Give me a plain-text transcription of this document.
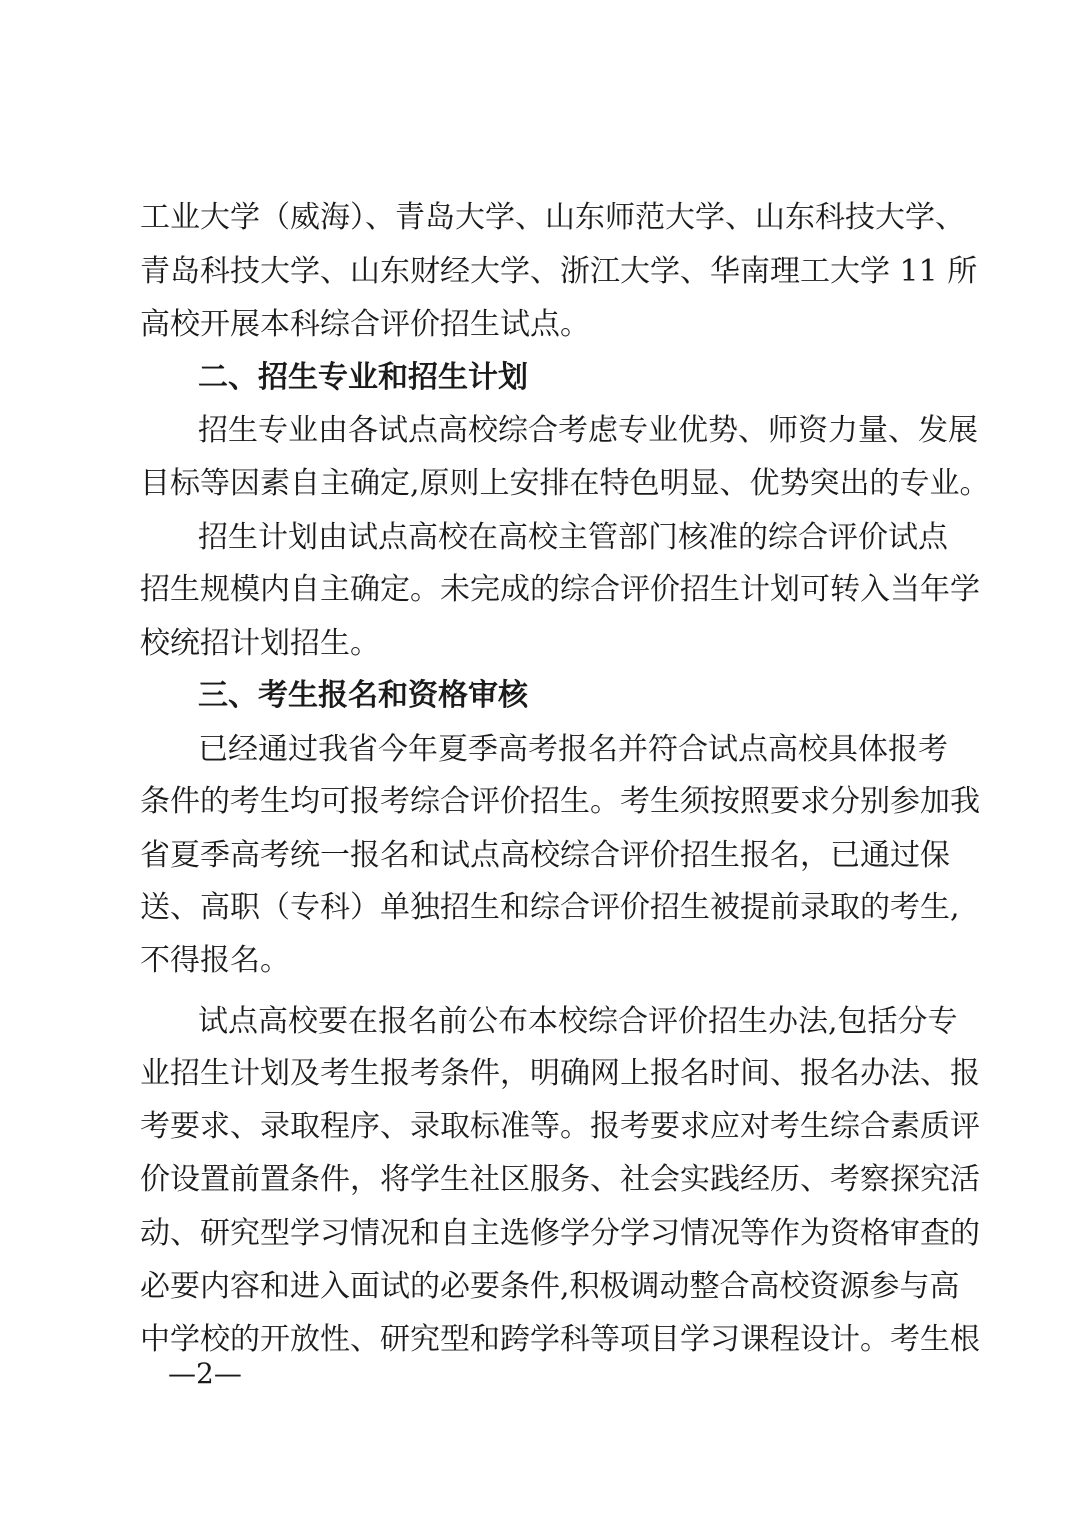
工业大学（威海）、青岛大学、山东师范大学、山东科技大学、
青岛科技大学、山东财经大学、浙江大学、华南理工大学 11 所
高校开展本科综合评价招生试点。
二、招生专业和招生计划
招生专业由各试点高校综合考虑专业优势、师资力量、发展
目标等因素自主确定,原则上安排在特色明显、优势突出的专业。
招生计划由试点高校在高校主管部门核准的综合评价试点
招生规模内自主确定。未完成的综合评价招生计划可转入当年学
校统招计划招生。
三、考生报名和资格审核
已经通过我省今年夏季高考报名并符合试点高校具体报考
条件的考生均可报考综合评价招生。考生须按照要求分别参加我
省夏季高考统一报名和试点高校综合评价招生报名，已通过保
送、高职（专科）单独招生和综合评价招生被提前录取的考生,
不得报名。
试点高校要在报名前公布本校综合评价招生办法,包括分专
业招生计划及考生报考条件，明确网上报名时间、报名办法、报
考要求、录取程序、录取标准等。报考要求应对考生综合素质评
价设置前置条件，将学生社区服务、社会实践经历、考察探究活
动、研究型学习情况和自主选修学分学习情况等作为资格审查的
必要内容和进入面试的必要条件,积极调动整合高校资源参与高
中学校的开放性、研究型和跨学科等项目学习课程设计。考生根
—2—
